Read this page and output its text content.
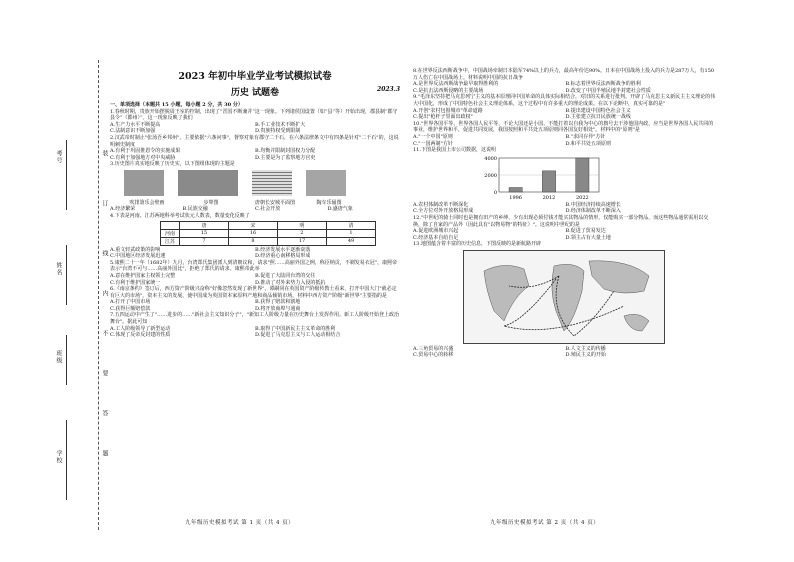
考号
姓名
班级
学校
装
订
线
内
不
要
答
题
2023 年初中毕业学业考试模拟试卷
历史 试题卷	2023.3

一、单项选择（本题共 15 小题，每小题 2 分，共 30 分）

1.春秋时期，贵族开始摆脱周王室的控制，出现了“晋国不断兼并”这一现象。下列诸侯国设置（如“县”等）开始出现，郡县制“郡守县令”（郡州）”。这一现象反映了我们

A.生产力水平不断提高	B.手工业技术不断扩大
C.法制意识不断加强	D.贵族特权受到限制

2.汉武帝时制止"张汤吾乡邦州"，主要依据"六条问事"，督察对象有郡守二千石，在六条法律条文中有四条是针对"二千石"的，这说明刺史制度

A.有利于巩固推恩令的实施成果	B.均衡并限制封国权力分配
C.有利于加强地方对中央威胁	D.主要是为了监察地方官吏

3.历史图片真实地反映了历史实，以下图组体现的主题是

吹排箫乐会壁画	步辇图	唐朝长安城平面图	陶车乐俑图
A.经济繁荣	B.民族交融	C.社会开放	D.盛唐气象

4.下表是河南、江苏两地科举考试状元人数表，数量变化反映了

	唐	宋	明	清
河南	15	16	2	1
江苏	7	8	17	49
A.重文轻武政策的影响	B.经济发展水平逐渐衰落
C.中国地区经济发展迅速	D.经济重心南移格局形成

5.康熙二十一年（1682年）九月，台湾郑氏集团派人到清朝议和，请求"照……高丽外国之例，称臣纳贡，不剃发易衣冠"，康熙帝表示"台湾不可与……高丽外国比"，拒绝了郑氏的请求。康熙帝此举

A.意在维护国家主权领土完整	B.促进了大陆同台湾的交往
C.有利于维护国家统一	D.推动了对外来势力入侵的抵抗

6.《南京条约》签订后，西方资产阶级兴奋称"好像忽然发现了新世界"，谭嗣同在英国资产阶级传教士看来，打开中国大门"就必定有巨大的市场"，资本主义的发展，使中国成为英国资本家原料产地和商品倾销市场。材料中西方资产阶级"新世界"主要指的是

A.打开了中国市场	B.获得了赔款和割地
C.获得巨额赔偿款	D.将开放商埠与通商

7.五四运动中产生了"……进步的……"新社会主义知识分子"，"新知工人阶级力量在历史舞台上发挥作用。新工人阶级开始登上政治舞台"。据此可知

A.工人阶级领导了新型运动	B.取得了中国新民主主义革命的胜利
C.体现了反帝反封建的性质	D.促进了马克思主义与工人运动相结合
九年级历史模拟考试 第 1 页（共 4 页）

8.在世界反法西斯战争中，中国战场牵制日本陆军74%以上的兵力，最高年份达90%。日本在中国战场上投入的兵力是287万人，有150万人伤亡在中国战场上。材料说明中国的抗日战争

A.是世界反法西斯战争最早取得胜利的	B.标志着世界反法西斯战争的胜利
C.是抗击法西斯侵略的主要战场	D.改变了中国半殖民地半封建社会性质

9."毛泽东坚持把马克思列宁主义的基本原理同中国革命的具体实际相结合，对旧的关系进行批判、开辟了马克思主义新民主主义理论的伟大中国化，形成了中国特色社会主义理论体系，这个过程中有许多重大的理论成果。在以下论断中，真实可靠的是"

A.开创"农村包围城市"革命道路	B.提出建设中国特色社会主义
C.提出"枪杆子里面出政权"	D.主张建立抗日民族统一战线

10."世界各国平等，世界各国人民平等，不论大国还是小国，不能打着以自我为中心的旗号去干涉他国内政，应当是世界各国人民共同的事业，维护世界和平，促进共同发展，我国按照和平共处五项原则同各国友好相处"。材料中的"原则"是

A."一个中国"原则	B."求同存异"方针
C."一国两制"方针	D.和平共处五项原则

11.下图是我国上市公司数据，这说明

4000
2000
0
1996	2012	2022
A.农村体制改革不断深化	B.中国经济持续高速增长
C.全方位对外开放格局形成	D.经济体制改革不断深入

12."中世纪的骑士同时也是拥有田产的乡绅，少有出现必须付钱才能买其物品的情形，仅能购买一部分物品，而这些物品通常需用以交换，除了自家的产品外（因此具有"以物易物"的特征）"。这说明中世纪的是

A.促进欧洲城市兴起	B.促进了贸易发达
C.经济基本自给自足	D.领主占有大量土地

13.地图蕴含着丰富的历史信息，下图反映的是新航路开辟

A.三角贸易的兴盛	B.人文主义的传播
C.贸易中心的转移	D.殖民主义的开始
九年级历史模拟考试 第 2 页（共 4 页）
